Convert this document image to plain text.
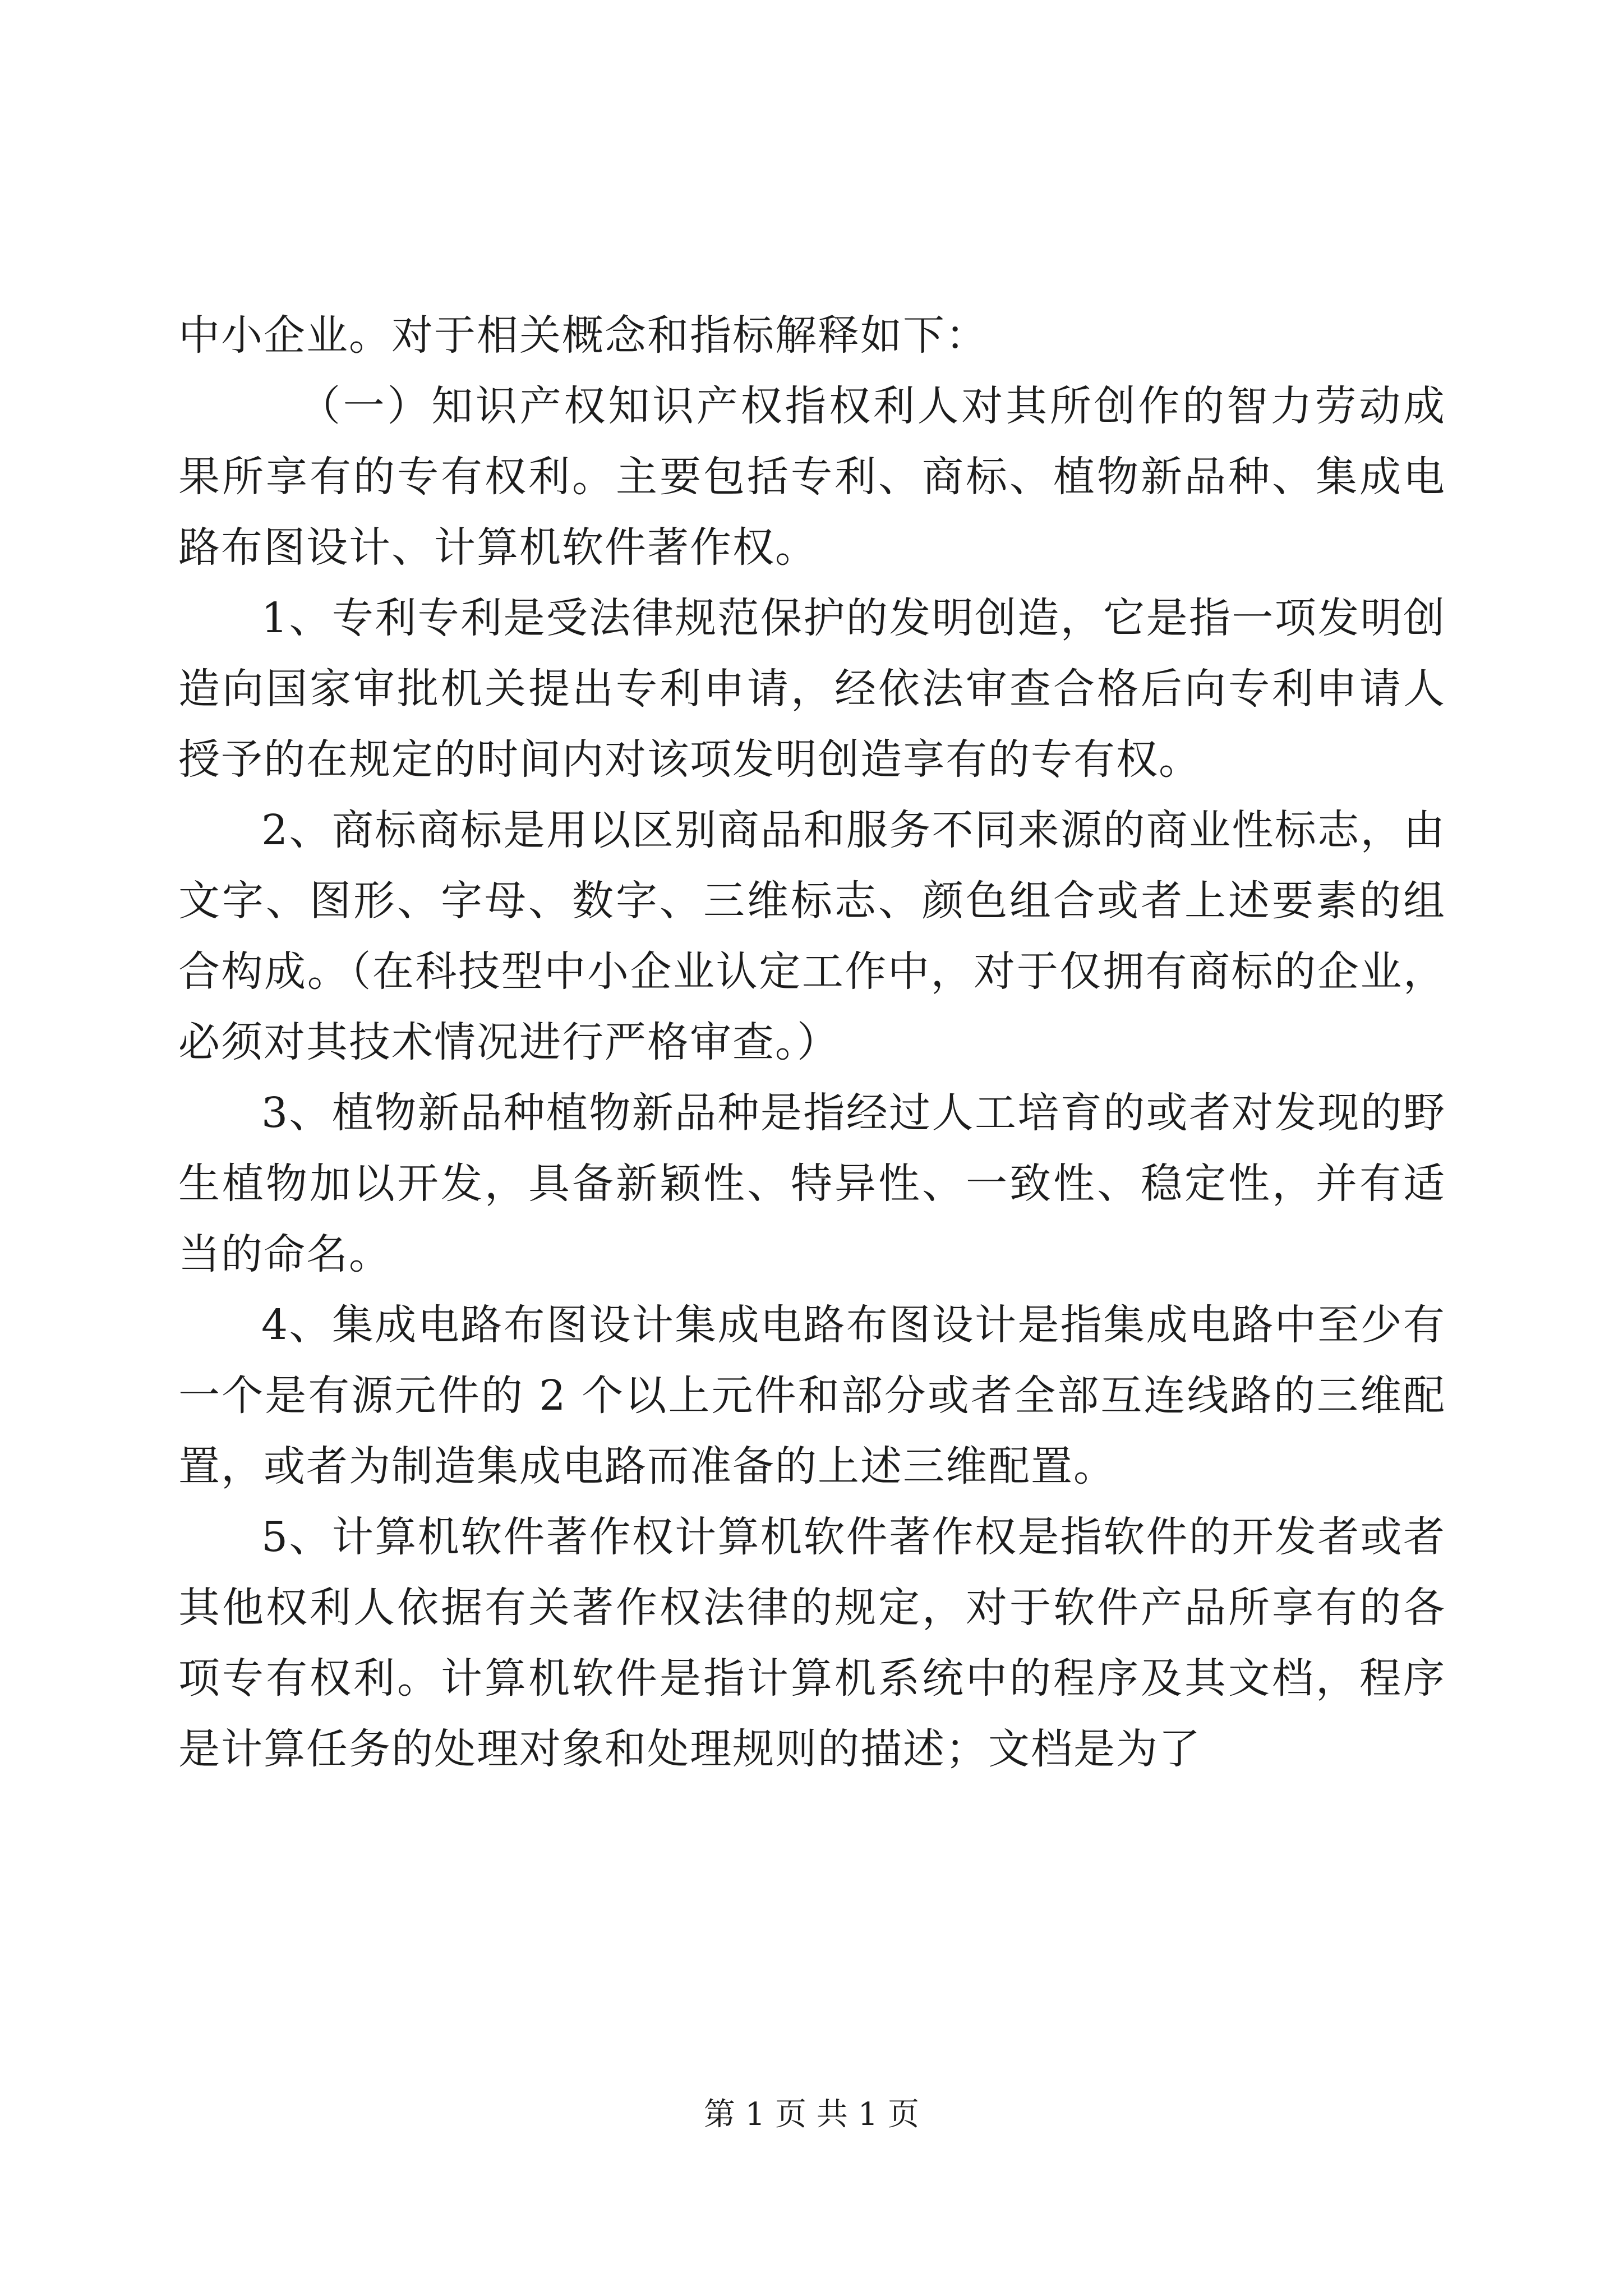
中小企业。对于相关概念和指标解释如下：

（一）知识产权知识产权指权利人对其所创作的智力劳动成果所享有的专有权利。主要包括专利、商标、植物新品种、集成电路布图设计、计算机软件著作权。

1、专利专利是受法律规范保护的发明创造，它是指一项发明创造向国家审批机关提出专利申请，经依法审查合格后向专利申请人授予的在规定的时间内对该项发明创造享有的专有权。

2、商标商标是用以区别商品和服务不同来源的商业性标志，由文字、图形、字母、数字、三维标志、颜色组合或者上述要素的组合构成。（在科技型中小企业认定工作中，对于仅拥有商标的企业，必须对其技术情况进行严格审查。）

3、植物新品种植物新品种是指经过人工培育的或者对发现的野生植物加以开发，具备新颖性、特异性、一致性、稳定性，并有适当的命名。

4、集成电路布图设计集成电路布图设计是指集成电路中至少有一个是有源元件的 2 个以上元件和部分或者全部互连线路的三维配置，或者为制造集成电路而准备的上述三维配置。

5、计算机软件著作权计算机软件著作权是指软件的开发者或者其他权利人依据有关著作权法律的规定，对于软件产品所享有的各项专有权利。计算机软件是指计算机系统中的程序及其文档，程序是计算任务的处理对象和处理规则的描述；文档是为了

第 1 页 共 1 页
